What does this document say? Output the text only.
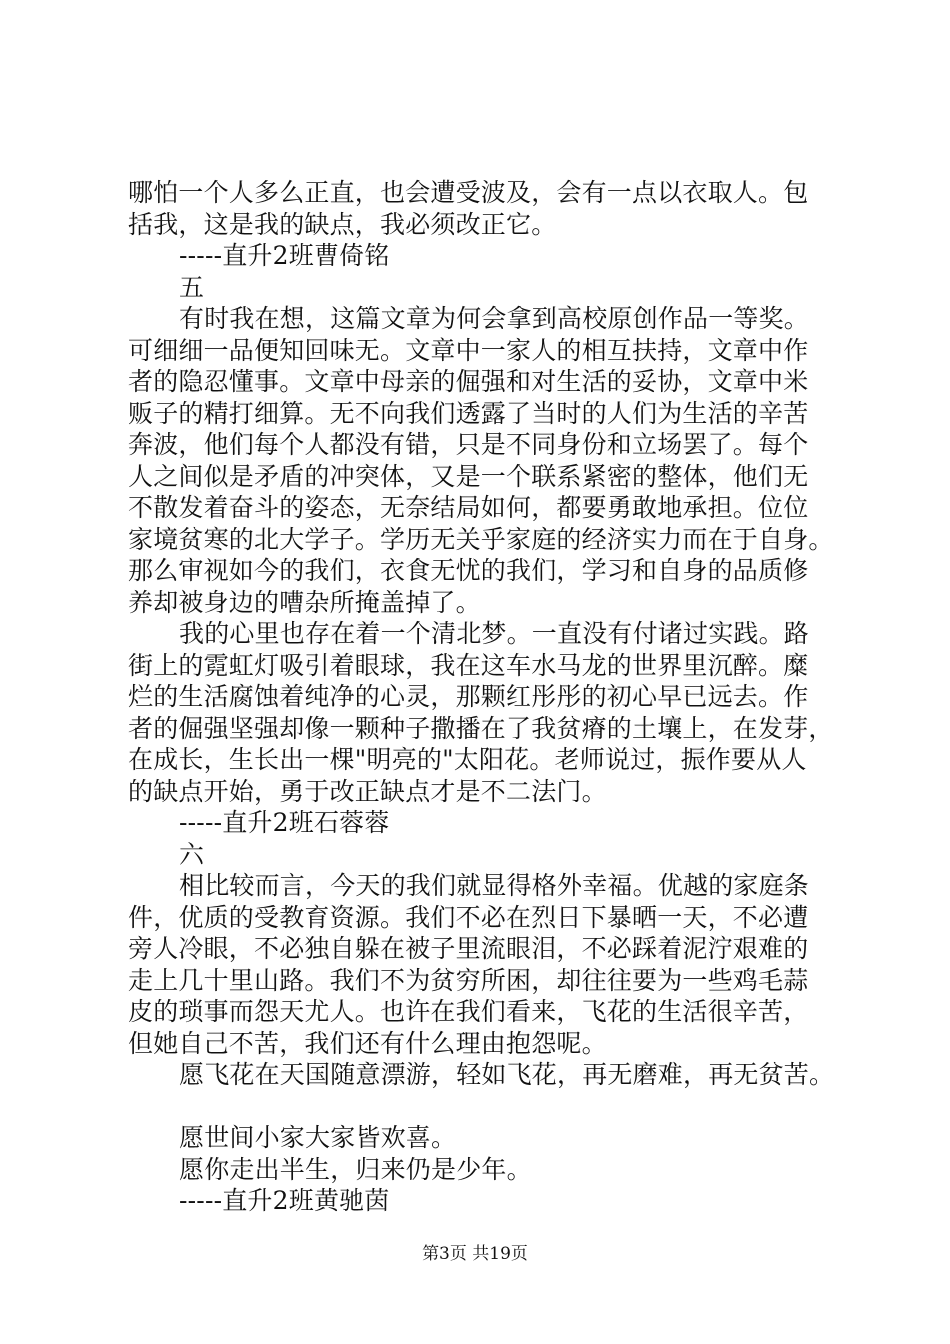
哪怕一个人多么正直，也会遭受波及，会有一点以衣取人。包
括我，这是我的缺点，我必须改正它。
-----直升2班曹倚铭
五
有时我在想，这篇文章为何会拿到高校原创作品一等奖。
可细细一品便知回味无。文章中一家人的相互扶持，文章中作
者的隐忍懂事。文章中母亲的倔强和对生活的妥协，文章中米
贩子的精打细算。无不向我们透露了当时的人们为生活的辛苦
奔波，他们每个人都没有错，只是不同身份和立场罢了。每个
人之间似是矛盾的冲突体，又是一个联系紧密的整体，他们无
不散发着奋斗的姿态，无奈结局如何，都要勇敢地承担。位位
家境贫寒的北大学子。学历无关乎家庭的经济实力而在于自身。
那么审视如今的我们，衣食无忧的我们，学习和自身的品质修
养却被身边的嘈杂所掩盖掉了。
我的心里也存在着一个清北梦。一直没有付诸过实践。路
街上的霓虹灯吸引着眼球，我在这车水马龙的世界里沉醉。糜
烂的生活腐蚀着纯净的心灵，那颗红彤彤的初心早已远去。作
者的倔强坚强却像一颗种子撒播在了我贫瘠的土壤上，在发芽，
在成长，生长出一棵"明亮的"太阳花。老师说过，振作要从人
的缺点开始，勇于改正缺点才是不二法门。
-----直升2班石蓉蓉
六
相比较而言，今天的我们就显得格外幸福。优越的家庭条
件，优质的受教育资源。我们不必在烈日下暴晒一天，不必遭
旁人冷眼，不必独自躲在被子里流眼泪，不必踩着泥泞艰难的
走上几十里山路。我们不为贫穷所困，却往往要为一些鸡毛蒜
皮的琐事而怨天尤人。也许在我们看来，飞花的生活很辛苦，
但她自己不苦，我们还有什么理由抱怨呢。
愿飞花在天国随意漂游，轻如飞花，再无磨难，再无贫苦。
愿世间小家大家皆欢喜。
愿你走出半生，归来仍是少年。
-----直升2班黄驰茵
第3页 共19页
